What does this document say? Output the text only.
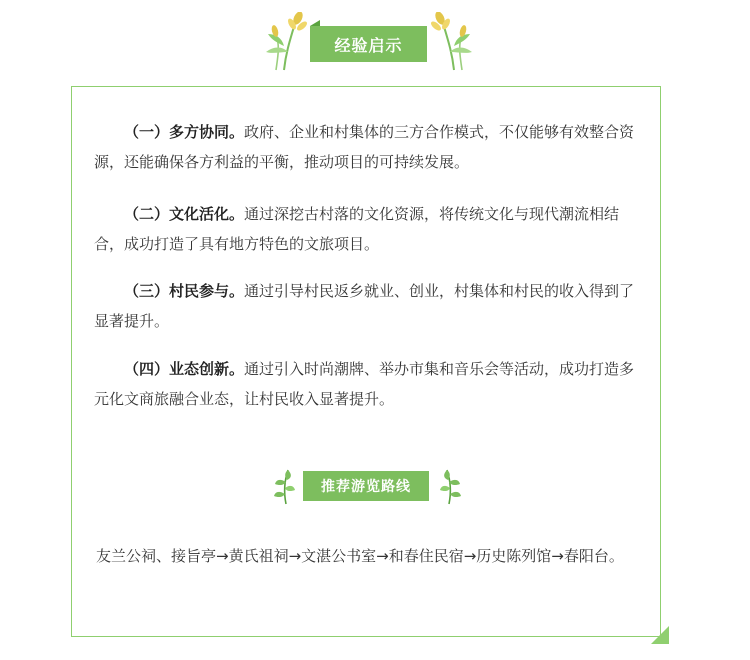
经验启示

（一）多方协同。政府、企业和村集体的三方合作模式，不仅能够有效整合资源，还能确保各方利益的平衡，推动项目的可持续发展。

（二）文化活化。通过深挖古村落的文化资源，将传统文化与现代潮流相结合，成功打造了具有地方特色的文旅项目。

（三）村民参与。通过引导村民返乡就业、创业，村集体和村民的收入得到了显著提升。

（四）业态创新。通过引入时尚潮牌、举办市集和音乐会等活动，成功打造多元化文商旅融合业态，让村民收入显著提升。

推荐游览路线

友兰公祠、接旨亭→黄氏祖祠→文湛公书室→和春住民宿→历史陈列馆→春阳台。
